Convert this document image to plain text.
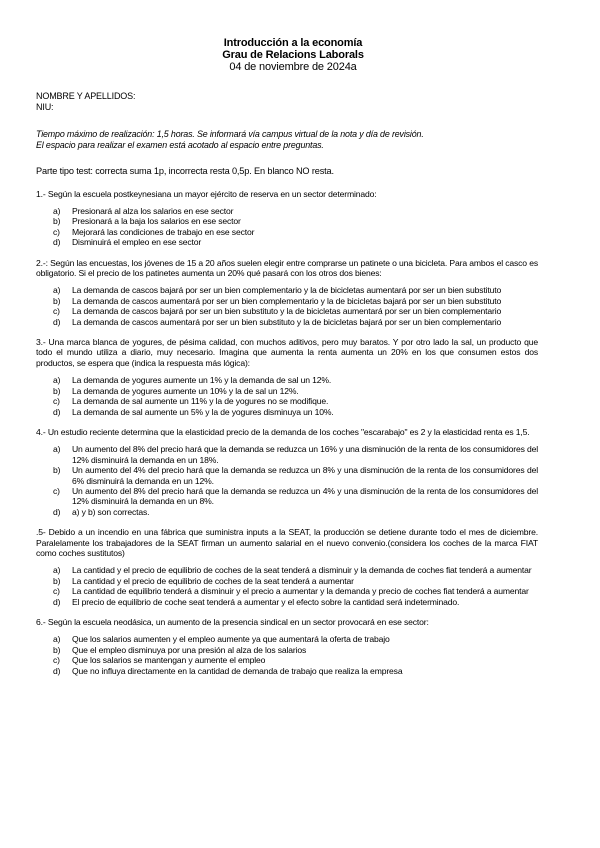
Introducción a la economía
Grau de Relacions Laborals
04 de noviembre de 2024a
NOMBRE Y APELLIDOS:
NIU:
Tiempo máximo de realización: 1,5 horas. Se informará vía campus virtual de la nota y día de revisión.
El espacio para realizar el examen está acotado al espacio entre preguntas.
Parte tipo test: correcta suma 1p, incorrecta resta 0,5p. En blanco NO resta.
1.- Según la escuela postkeynesiana un mayor ejército de reserva en un sector determinado:
a)	Presionará al alza los salarios en ese sector
b)	Presionará a la baja los salarios en ese sector
c)	Mejorará las condiciones de trabajo en ese sector
d)	Disminuirá el empleo en ese sector
2.-: Según las encuestas, los jóvenes de 15 a 20 años suelen elegir entre comprarse un patinete o una bicicleta. Para ambos el casco es obligatorio. Si el precio de los patinetes aumenta un 20% qué pasará con los otros dos bienes:
a)	La demanda de cascos bajará por ser un bien complementario y la de bicicletas aumentará por ser un bien substituto
b)	La demanda de cascos aumentará por ser un bien complementario y la de bicicletas bajará por ser un bien substituto
c)	La demanda de cascos bajará por ser un bien substituto y la de bicicletas aumentará por ser un bien complementario
d)	La demanda de cascos aumentará por ser un bien substituto y la de bicicletas bajará por ser un bien complementario
3.- Una marca blanca de yogures, de pésima calidad, con muchos aditivos, pero muy baratos. Y por otro lado la sal, un producto que todo el mundo utiliza a diario, muy necesario. Imagina que aumenta la renta aumenta un 20% en los que consumen estos dos productos, se espera que (indica la respuesta más lógica):
a)	La demanda de yogures aumente un 1% y la demanda de sal un 12%.
b)	La demanda de yogures aumente un 10% y la de sal un 12%.
c)	La demanda de sal aumente un 11% y la de yogures no se modifique.
d)	La demanda de sal aumente un 5% y la de yogures disminuya un 10%.
4.- Un estudio reciente determina que la elasticidad precio de la demanda de los coches "escarabajo" es 2 y la elasticidad renta es 1,5.
a)	Un aumento del 8% del precio hará que la demanda se reduzca un 16% y una disminución de la renta de los consumidores del 12% disminuirá la demanda en un 18%.
b)	Un aumento del 4% del precio hará que la demanda se reduzca un 8% y una disminución de la renta de los consumidores del 6% disminuirá la demanda en un 12%.
c)	Un aumento del 8% del precio hará que la demanda se reduzca un 4% y una disminución de la renta de los consumidores del 12% disminuirá la demanda en un 8%.
d)	a) y b) son correctas.
.5- Debido a un incendio en una fábrica que suministra inputs a la SEAT, la producción se detiene durante todo el mes de diciembre. Paralelamente los trabajadores de la SEAT firman un aumento salarial en el nuevo convenio.(considera los coches de la marca FIAT como coches sustitutos)
a)	La cantidad y el precio de equilibrio de coches de la seat tenderá a disminuir y la demanda de coches fiat tenderá a aumentar
b)	La cantidad y el precio de equilibrio de coches de la seat tenderá a aumentar
c)	La cantidad de equilibrio tenderá a disminuir y el precio a aumentar y la demanda y precio de coches fiat tenderá a aumentar
d)	El precio de equilibrio de coche seat tenderá a aumentar y el efecto sobre la cantidad será indeterminado.
6.- Según la escuela neodásica, un aumento de la presencia sindical en un sector provocará en ese sector:
a)	Que los salarios aumenten y el empleo aumente ya que aumentará la oferta de trabajo
b)	Que el empleo disminuya por una presión al alza de los salarios
c)	Que los salarios se mantengan y aumente el empleo
d)	Que no influya directamente en la cantidad de demanda de trabajo que realiza la empresa
